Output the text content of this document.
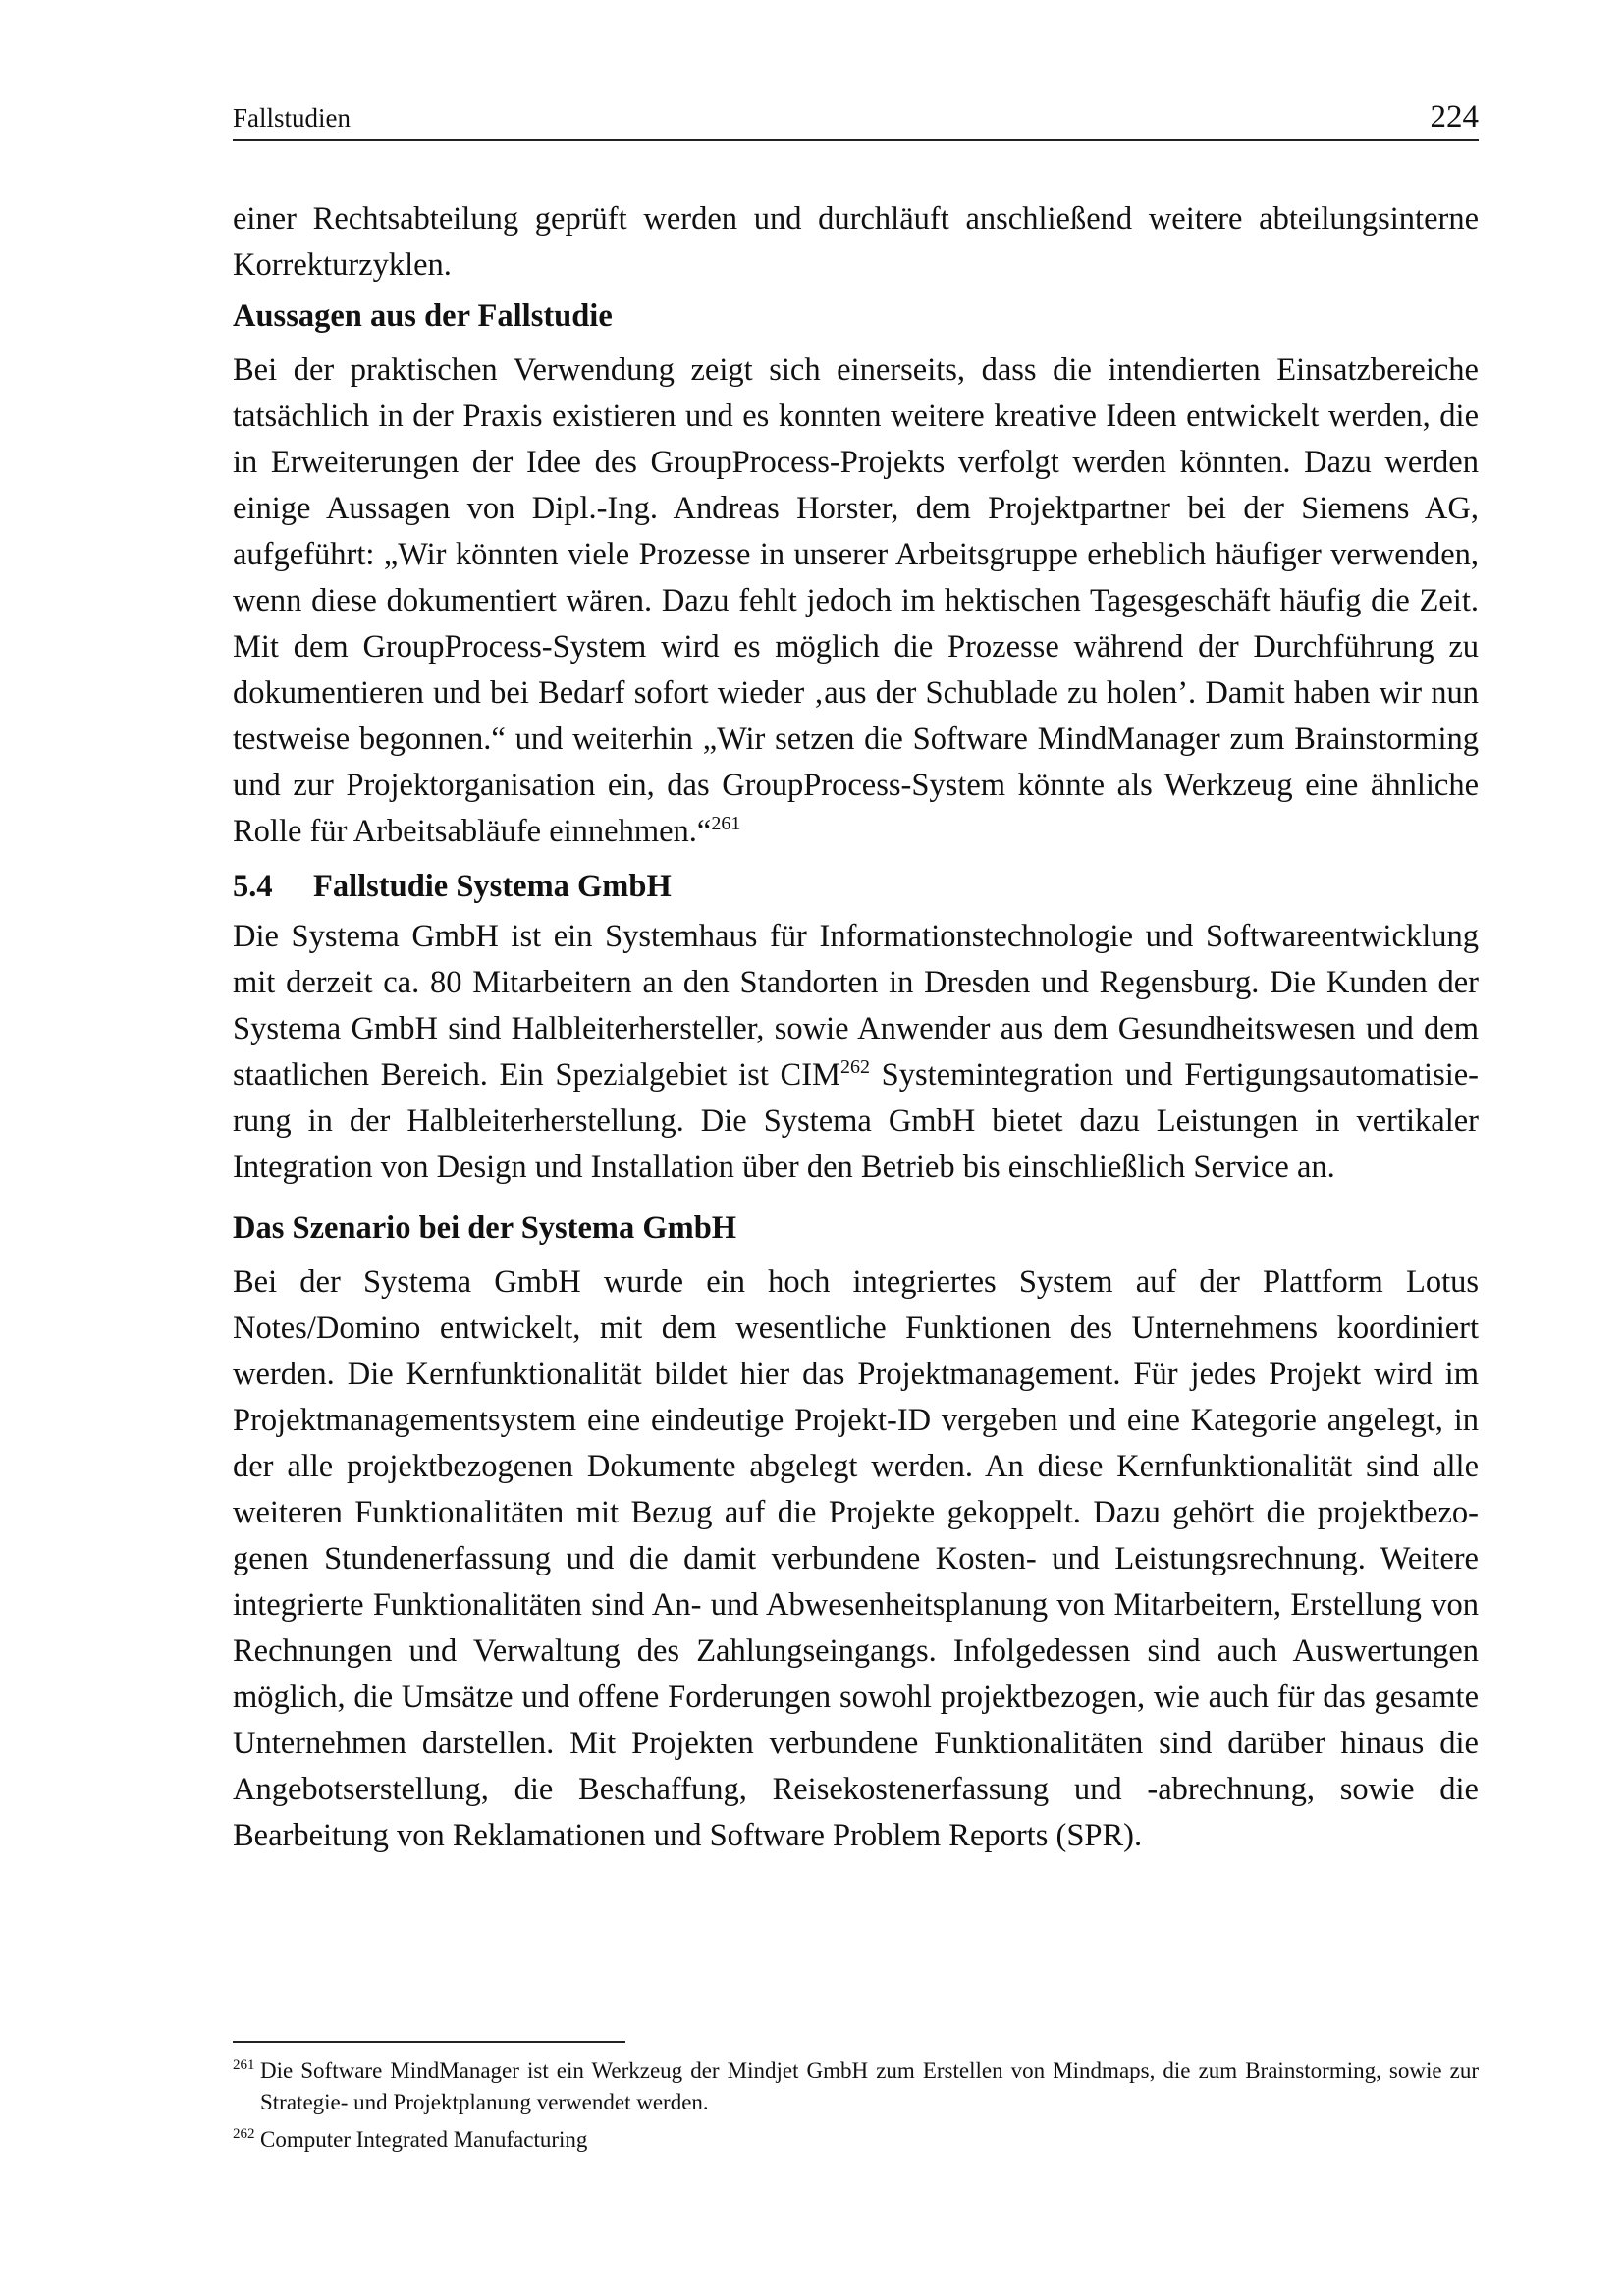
Fallstudien	224

einer Rechtsabteilung geprüft werden und durchläuft anschließend weitere abteilungsinterne Korrekturzyklen.

Aussagen aus der Fallstudie

Bei der praktischen Verwendung zeigt sich einerseits, dass die intendierten Einsatzbereiche tatsächlich in der Praxis existieren und es konnten weitere kreative Ideen entwickelt werden, die in Erweiterungen der Idee des GroupProcess-Projekts verfolgt werden könnten. Dazu werden einige Aussagen von Dipl.-Ing. Andreas Horster, dem Projektpartner bei der Siemens AG, aufgeführt: „Wir könnten viele Prozesse in unserer Arbeitsgruppe erheblich häufiger verwenden, wenn diese dokumentiert wären. Dazu fehlt jedoch im hektischen Tagesgeschäft häufig die Zeit. Mit dem GroupProcess-System wird es möglich die Prozesse während der Durchführung zu dokumentieren und bei Bedarf sofort wieder ‚aus der Schublade zu holen’. Damit haben wir nun testweise begonnen.“ und weiterhin „Wir setzen die Software MindManager zum Brainstorming und zur Projektorganisation ein, das GroupProcess-System könnte als Werkzeug eine ähnliche Rolle für Arbeitsabläufe einnehmen.“$^{261}$

5.4 Fallstudie Systema GmbH

Die Systema GmbH ist ein Systemhaus für Informationstechnologie und Softwareentwicklung mit derzeit ca. 80 Mitarbeitern an den Standorten in Dresden und Regensburg. Die Kunden der Systema GmbH sind Halbleiterhersteller, sowie Anwender aus dem Gesundheitswesen und dem staatlichen Bereich. Ein Spezialgebiet ist CIM$^{262}$ Systemintegration und Fertigungsautomatisierung in der Halbleiterherstellung. Die Systema GmbH bietet dazu Leistungen in vertikaler Integration von Design und Installation über den Betrieb bis einschließlich Service an.

Das Szenario bei der Systema GmbH

Bei der Systema GmbH wurde ein hoch integriertes System auf der Plattform Lotus Notes/Domino entwickelt, mit dem wesentliche Funktionen des Unternehmens koordiniert werden. Die Kernfunktionalität bildet hier das Projektmanagement. Für jedes Projekt wird im Projektmanagementsystem eine eindeutige Projekt-ID vergeben und eine Kategorie angelegt, in der alle projektbezogenen Dokumente abgelegt werden. An diese Kernfunktionalität sind alle weiteren Funktionalitäten mit Bezug auf die Projekte gekoppelt. Dazu gehört die projektbezogenen Stundenerfassung und die damit verbundene Kosten- und Leistungsrechnung. Weitere integrierte Funktionalitäten sind An- und Abwesenheitsplanung von Mitarbeitern, Erstellung von Rechnungen und Verwaltung des Zahlungseingangs. Infolgedessen sind auch Auswertungen möglich, die Umsätze und offene Forderungen sowohl projektbezogen, wie auch für das gesamte Unternehmen darstellen. Mit Projekten verbundene Funktionalitäten sind darüber hinaus die Angebotserstellung, die Beschaffung, Reisekostenerfassung und -abrechnung, sowie die Bearbeitung von Reklamationen und Software Problem Reports (SPR).

261 Die Software MindManager ist ein Werkzeug der Mindjet GmbH zum Erstellen von Mindmaps, die zum Brainstorming, sowie zur Strategie- und Projektplanung verwendet werden.
262 Computer Integrated Manufacturing
